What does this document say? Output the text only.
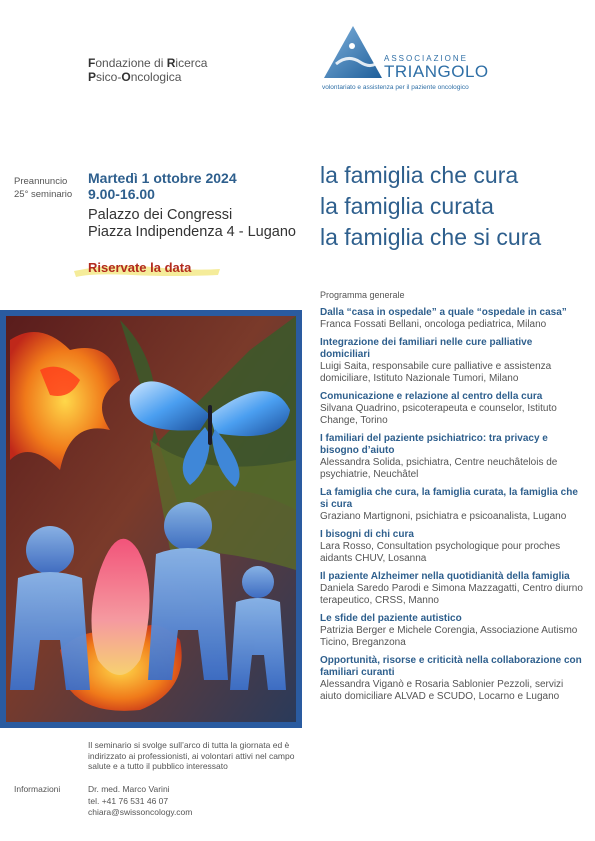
Fondazione di Ricerca
Psico-Oncologica
ASSOCIAZIONE
TRIANGOLO
volontariato e assistenza per il paziente oncologico
Preannuncio
25° seminario
Martedì 1 ottobre 2024
9.00-16.00
Palazzo dei Congressi
Piazza Indipendenza 4 - Lugano
Riservate la data
la famiglia che cura
la famiglia curata
la famiglia che si cura
Programma generale
Dalla “casa in ospedale” a quale “ospedale in casa”
Franca Fossati Bellani, oncologa pediatrica, Milano
Integrazione dei familiari nelle cure palliative domiciliari
Luigi Saita, responsabile cure palliative e assistenza domiciliare, Istituto Nazionale Tumori, Milano
Comunicazione e relazione al centro della cura
Silvana Quadrino, psicoterapeuta e counselor, Istituto Change, Torino
I familiari del paziente psichiatrico: tra privacy e bisogno d’aiuto
Alessandra Solida, psichiatra, Centre neuchâtelois de psychiatrie, Neuchâtel
La famiglia che cura, la famiglia curata, la famiglia che si cura
Graziano Martignoni, psichiatra e psicoanalista, Lugano
I bisogni di chi cura
Lara Rosso, Consultation psychologique pour proches aidants CHUV, Losanna
Il paziente Alzheimer nella quotidianità della famiglia
Daniela Saredo Parodi e Simona Mazzagatti, Centro diurno terapeutico, CRSS, Manno
Le sfide del paziente autistico
Patrizia Berger e Michele Corengia, Associazione Autismo Ticino, Breganzona
Opportunità, risorse e criticità nella collaborazione con familiari curanti
Alessandra Viganò e Rosaria Sablonier Pezzoli, servizi aiuto domiciliare ALVAD e SCUDO, Locarno e Lugano
Il seminario si svolge sull’arco di tutta la giornata ed è indirizzato ai professionisti, ai volontari attivi nel campo salute e a tutto il pubblico interessato
Informazioni	Dr. med. Marco Varini
tel. +41 76 531 46 07
chiara@swissoncology.com
